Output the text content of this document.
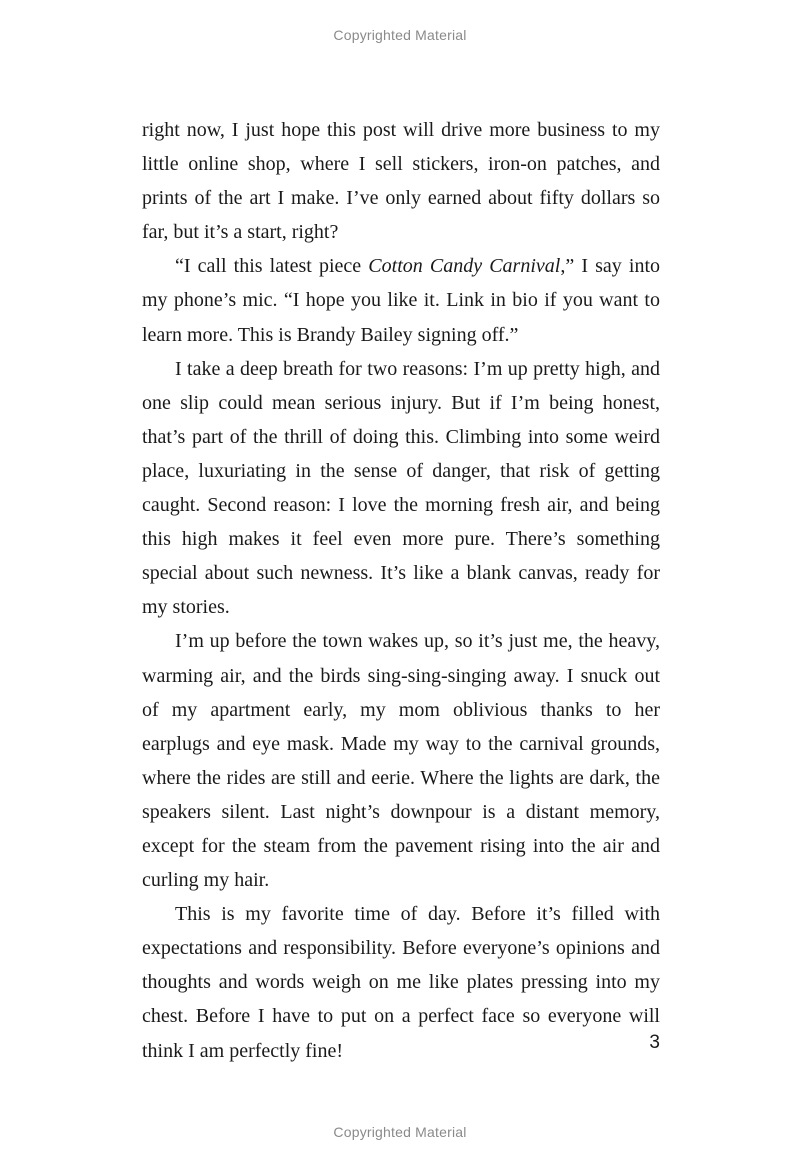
Copyrighted Material

right now, I just hope this post will drive more business to my little online shop, where I sell stickers, iron-on patches, and prints of the art I make. I’ve only earned about fifty dollars so far, but it’s a start, right?

“I call this latest piece Cotton Candy Carnival,” I say into my phone’s mic. “I hope you like it. Link in bio if you want to learn more. This is Brandy Bailey signing off.”

I take a deep breath for two reasons: I’m up pretty high, and one slip could mean serious injury. But if I’m being honest, that’s part of the thrill of doing this. Climbing into some weird place, luxuriating in the sense of danger, that risk of getting caught. Second reason: I love the morning fresh air, and being this high makes it feel even more pure. There’s something special about such newness. It’s like a blank canvas, ready for my stories.

I’m up before the town wakes up, so it’s just me, the heavy, warming air, and the birds sing-sing-singing away. I snuck out of my apartment early, my mom oblivious thanks to her earplugs and eye mask. Made my way to the carnival grounds, where the rides are still and eerie. Where the lights are dark, the speakers silent. Last night’s downpour is a distant memory, except for the steam from the pavement rising into the air and curling my hair.

This is my favorite time of day. Before it’s filled with expectations and responsibility. Before everyone’s opinions and thoughts and words weigh on me like plates pressing into my chest. Before I have to put on a perfect face so everyone will think I am perfectly fine!	3
Copyrighted Material
